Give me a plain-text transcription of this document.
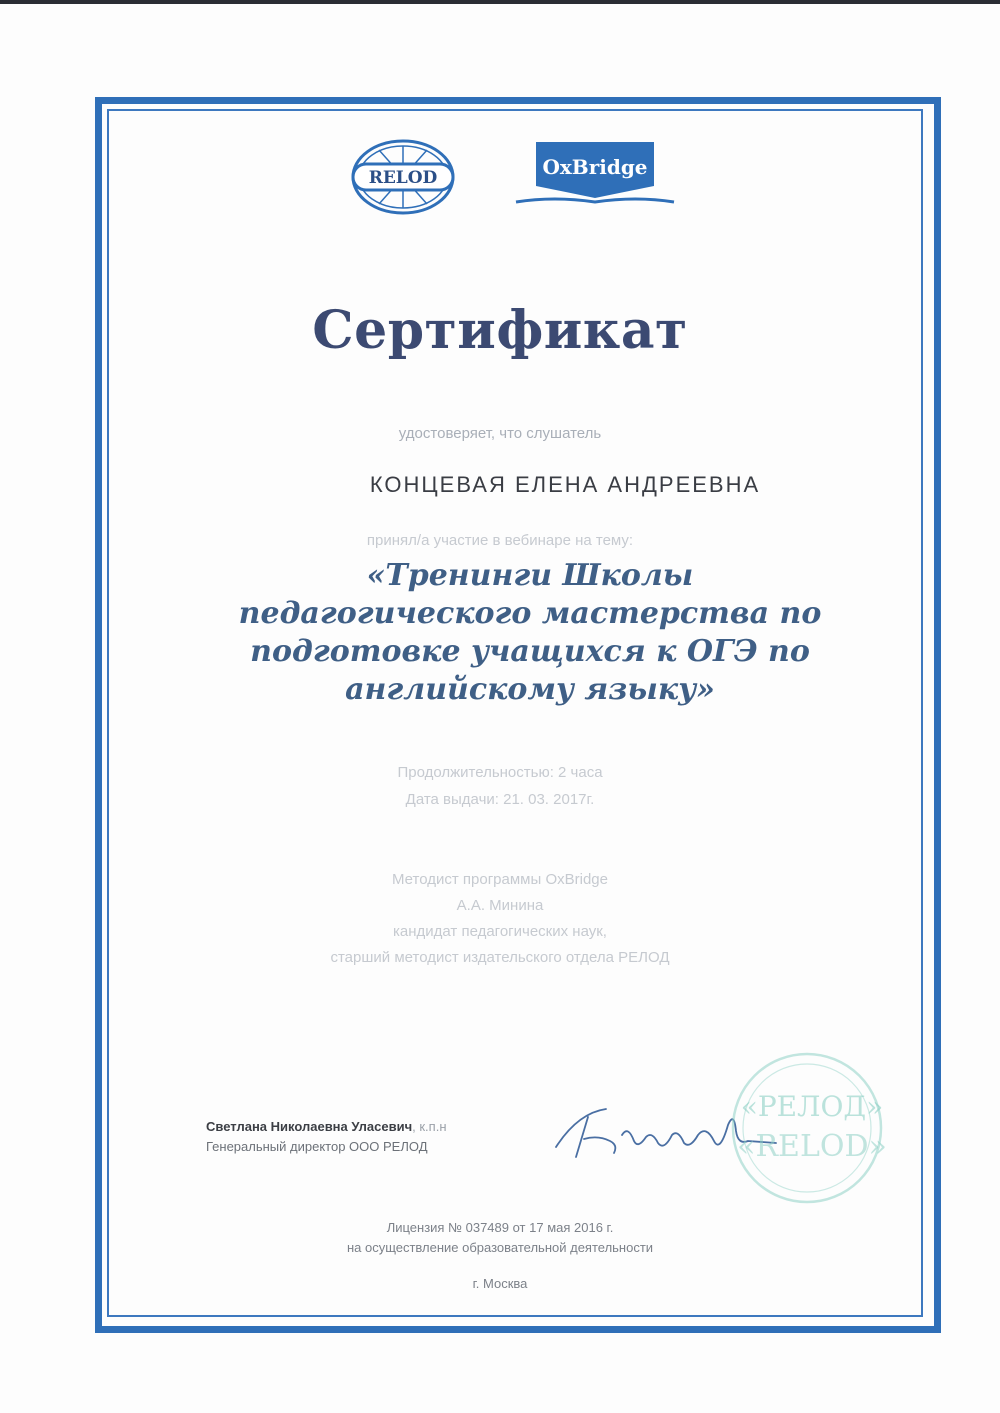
RELOD	OxBridge
Сертификат
удостоверяет, что слушатель
КОНЦЕВАЯ ЕЛЕНА АНДРЕЕВНА
принял/а участие в вебинаре на тему:
«Тренинги Школы
педагогического мастерства по
подготовке учащихся к ОГЭ по
английскому языку»
Продолжительностью: 2 часа
Дата выдачи: 21. 03. 2017г.
Методист программы OxBridge
А.А. Минина
кандидат педагогических наук,
старший методист издательского отдела РЕЛОД
Светлана Николаевна Уласевич, к.п.н
Генеральный директор ООО РЕЛОД
«РЕЛОД»
«RELOD»
Лицензия № 037489 от 17 мая 2016 г.
на осуществление образовательной деятельности
г. Москва
